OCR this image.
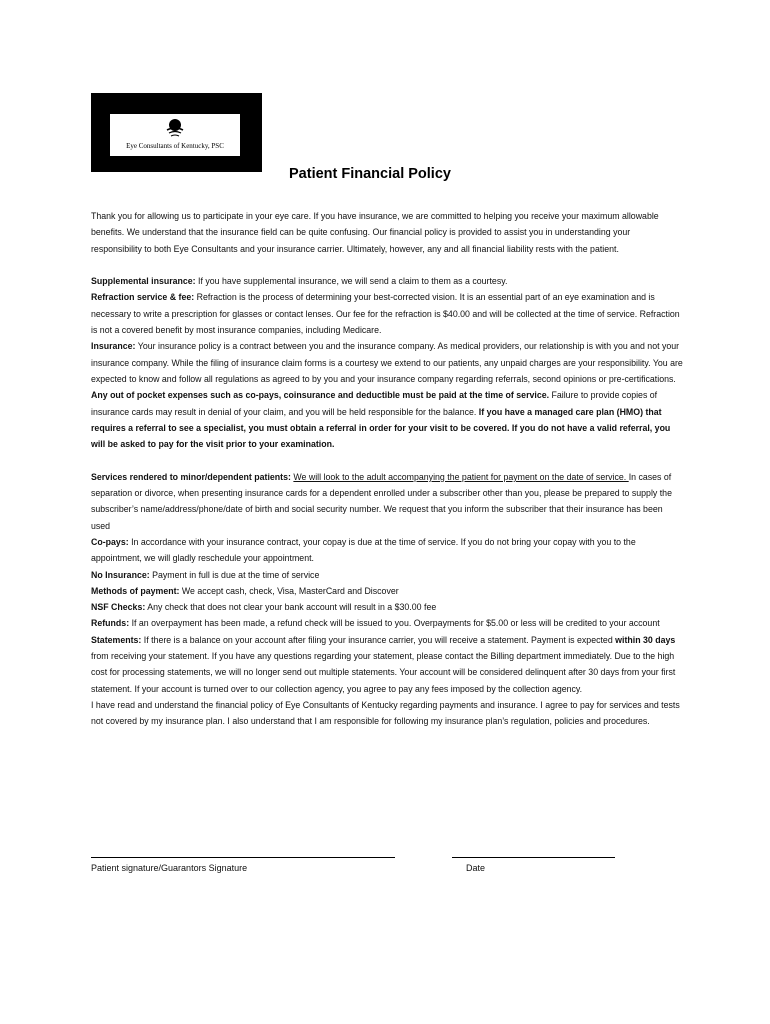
Eye Consultants of Kentucky, PSC
Patient Financial Policy

Thank you for allowing us to participate in your eye care. If you have insurance, we are committed to helping you receive your maximum allowable benefits. We understand that the insurance field can be quite confusing. Our financial policy is provided to assist you in understanding your responsibility to both Eye Consultants and your insurance carrier. Ultimately, however, any and all financial liability rests with the patient.

Supplemental insurance: If you have supplemental insurance, we will send a claim to them as a courtesy.

Refraction service & fee: Refraction is the process of determining your best-corrected vision. It is an essential part of an eye examination and is necessary to write a prescription for glasses or contact lenses. Our fee for the refraction is $40.00 and will be collected at the time of service. Refraction is not a covered benefit by most insurance companies, including Medicare.

Insurance: Your insurance policy is a contract between you and the insurance company. As medical providers, our relationship is with you and not your insurance company. While the filing of insurance claim forms is a courtesy we extend to our patients, any unpaid charges are your responsibility. You are expected to know and follow all regulations as agreed to by you and your insurance company regarding referrals, second opinions or pre-certifications. Any out of pocket expenses such as co-pays, coinsurance and deductible must be paid at the time of service. Failure to provide copies of insurance cards may result in denial of your claim, and you will be held responsible for the balance. If you have a managed care plan (HMO) that requires a referral to see a specialist, you must obtain a referral in order for your visit to be covered. If you do not have a valid referral, you will be asked to pay for the visit prior to your examination.

Services rendered to minor/dependent patients: We will look to the adult accompanying the patient for payment on the date of service. In cases of separation or divorce, when presenting insurance cards for a dependent enrolled under a subscriber other than you, please be prepared to supply the subscriber’s name/address/phone/date of birth and social security number. We request that you inform the subscriber that their insurance has been used

Co-pays: In accordance with your insurance contract, your copay is due at the time of service. If you do not bring your copay with you to the appointment, we will gladly reschedule your appointment.

No Insurance: Payment in full is due at the time of service

Methods of payment: We accept cash, check, Visa, MasterCard and Discover

NSF Checks: Any check that does not clear your bank account will result in a $30.00 fee

Refunds: If an overpayment has been made, a refund check will be issued to you. Overpayments for $5.00 or less will be credited to your account

Statements: If there is a balance on your account after filing your insurance carrier, you will receive a statement. Payment is expected within 30 days from receiving your statement. If you have any questions regarding your statement, please contact the Billing department immediately. Due to the high cost for processing statements, we will no longer send out multiple statements. Your account will be considered delinquent after 30 days from your first statement. If your account is turned over to our collection agency, you agree to pay any fees imposed by the collection agency.

I have read and understand the financial policy of Eye Consultants of Kentucky regarding payments and insurance. I agree to pay for services and tests not covered by my insurance plan. I also understand that I am responsible for following my insurance plan’s regulation, policies and procedures.

Patient signature/Guarantors Signature	Date
